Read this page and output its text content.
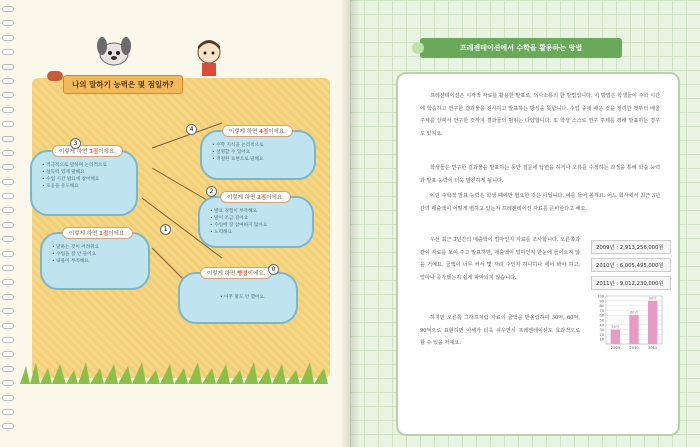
나의 말하기 능력은 몇 점일까?
이렇게 하면 3점이에요.
• 적극적으로 말하며 논리적으로
• 설득력 있게 말해요
• 수업 시간 발표에 참여해요
• 호응을 유도해요
3
이렇게 하면 4점이에요.
• 수학 지식을 논리적으로
• 설명할 수 있어요
• 적절한 표현으로 말해요
4
이렇게 하면 2점이에요.
• 발표 경험이 부족해요
• 말이 조금 길어요
• 수업에 잘 참여하지 않아요
• 노력해요
2
이렇게 하면 1점이에요.
• 말하는 것이 어려워요
• 수업을 잘 안 들어요
• 내용이 부족해요
1
이렇게 하면 빵점이에요.
• 아무 말도 안 했어요.
0
프레젠테이션에서 수학을 활용하는 방법
프레젠테이션은 시각적 자료를 활용한 발표로, 의사소통의 한 방법입니다. 이 방법은 학생들이 수학 시간에 학습하고 연구한 결과물을 전시하고 발표하는 방식을 뜻합니다. 수업 중에 배운 것을 정리한 것부터 배울 주제를 살펴서 연구한 것까지 결과물의 범위는 다양합니다. 또 학생 스스로 연구 주제를 정해 발표하는 경우도 있지요.
학생들은 연구한 결과물을 발표하는 동안 질문에 답변을 하거나 오류를 수정하는 과정을 통해 학습 능력과 발표 능력이 더욱 발전하게 됩니다.
이런 수학적 발표 능력은 학생 때에만 필요한 것은 아닙니다. 예를 들어 볼게요. 어느 회사에서 최근 3년간의 매출액이 어떻게 변하고 있는지 프레젠테이션 자료를 준비한다고 해요.
우선 최근 3년간의 매출액이 얼마인지 자료를 조사합니다. 오른쪽과 같이 자료를 보여 주고 발표하면, 매출액이 얼마인지 한눈에 들어오지 않을 거예요. 금액이 너무 커서 몇 자리 수인지 하나하나 세어 봐야 하고, 얼마나 증가했는지 쉽게 파악되지 않습니다.
하지만 오른쪽 그래프처럼 자료의 금액을 반올림하여 30억, 60억, 90억으로 표현하면 이해가 더욱 쉬우면서 프레젠테이션도 효과적으로 할 수 있을 거예요.
2009년 : 2,913,256,000원
2010년 : 6,005,495,000원
2011년 : 9,012,230,000원
10
20
30
40
50
60
70
80
90
100
30억
2009
60억
2010
90억
2011
